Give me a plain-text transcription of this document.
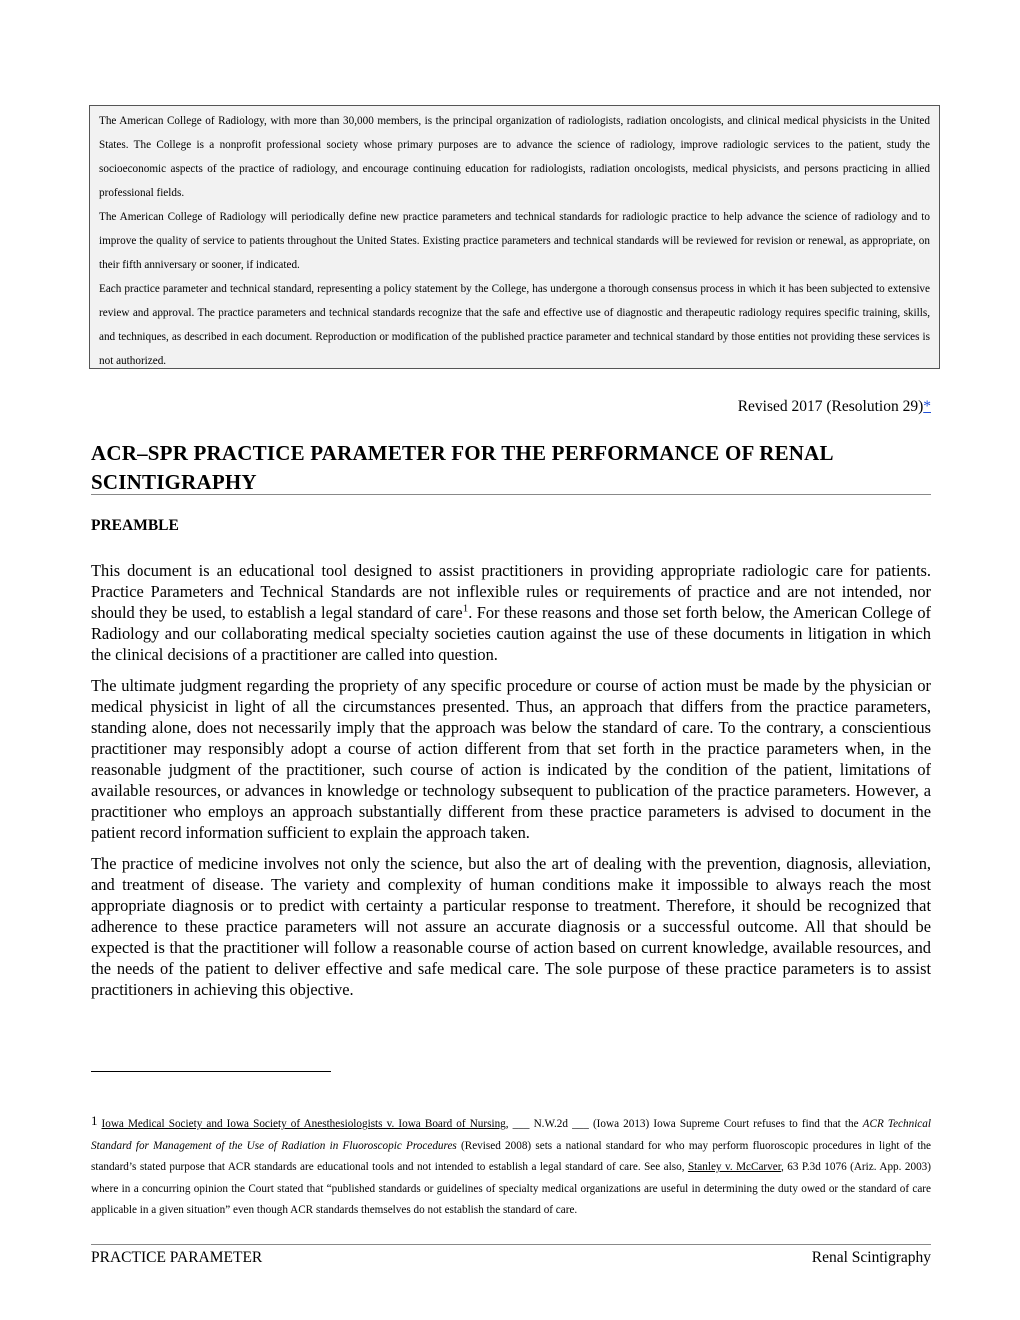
The American College of Radiology, with more than 30,000 members, is the principal organization of radiologists, radiation oncologists, and clinical medical physicists in the United States. The College is a nonprofit professional society whose primary purposes are to advance the science of radiology, improve radiologic services to the patient, study the socioeconomic aspects of the practice of radiology, and encourage continuing education for radiologists, radiation oncologists, medical physicists, and persons practicing in allied professional fields.

The American College of Radiology will periodically define new practice parameters and technical standards for radiologic practice to help advance the science of radiology and to improve the quality of service to patients throughout the United States. Existing practice parameters and technical standards will be reviewed for revision or renewal, as appropriate, on their fifth anniversary or sooner, if indicated.

Each practice parameter and technical standard, representing a policy statement by the College, has undergone a thorough consensus process in which it has been subjected to extensive review and approval. The practice parameters and technical standards recognize that the safe and effective use of diagnostic and therapeutic radiology requires specific training, skills, and techniques, as described in each document. Reproduction or modification of the published practice parameter and technical standard by those entities not providing these services is not authorized.

Revised 2017 (Resolution 29)*
ACR–SPR PRACTICE PARAMETER FOR THE PERFORMANCE OF RENAL SCINTIGRAPHY
PREAMBLE

This document is an educational tool designed to assist practitioners in providing appropriate radiologic care for patients. Practice Parameters and Technical Standards are not inflexible rules or requirements of practice and are not intended, nor should they be used, to establish a legal standard of care$^1$. For these reasons and those set forth below, the American College of Radiology and our collaborating medical specialty societies caution against the use of these documents in litigation in which the clinical decisions of a practitioner are called into question.

The ultimate judgment regarding the propriety of any specific procedure or course of action must be made by the physician or medical physicist in light of all the circumstances presented. Thus, an approach that differs from the practice parameters, standing alone, does not necessarily imply that the approach was below the standard of care. To the contrary, a conscientious practitioner may responsibly adopt a course of action different from that set forth in the practice parameters when, in the reasonable judgment of the practitioner, such course of action is indicated by the condition of the patient, limitations of available resources, or advances in knowledge or technology subsequent to publication of the practice parameters. However, a practitioner who employs an approach substantially different from these practice parameters is advised to document in the patient record information sufficient to explain the approach taken.

The practice of medicine involves not only the science, but also the art of dealing with the prevention, diagnosis, alleviation, and treatment of disease. The variety and complexity of human conditions make it impossible to always reach the most appropriate diagnosis or to predict with certainty a particular response to treatment. Therefore, it should be recognized that adherence to these practice parameters will not assure an accurate diagnosis or a successful outcome. All that should be expected is that the practitioner will follow a reasonable course of action based on current knowledge, available resources, and the needs of the patient to deliver effective and safe medical care. The sole purpose of these practice parameters is to assist practitioners in achieving this objective.

1 Iowa Medical Society and Iowa Society of Anesthesiologists v. Iowa Board of Nursing, ___ N.W.2d ___ (Iowa 2013) Iowa Supreme Court refuses to find that the ACR Technical Standard for Management of the Use of Radiation in Fluoroscopic Procedures (Revised 2008) sets a national standard for who may perform fluoroscopic procedures in light of the standard’s stated purpose that ACR standards are educational tools and not intended to establish a legal standard of care. See also, Stanley v. McCarver, 63 P.3d 1076 (Ariz. App. 2003) where in a concurring opinion the Court stated that “published standards or guidelines of specialty medical organizations are useful in determining the duty owed or the standard of care applicable in a given situation” even though ACR standards themselves do not establish the standard of care.
PRACTICE PARAMETER	Renal Scintigraphy
